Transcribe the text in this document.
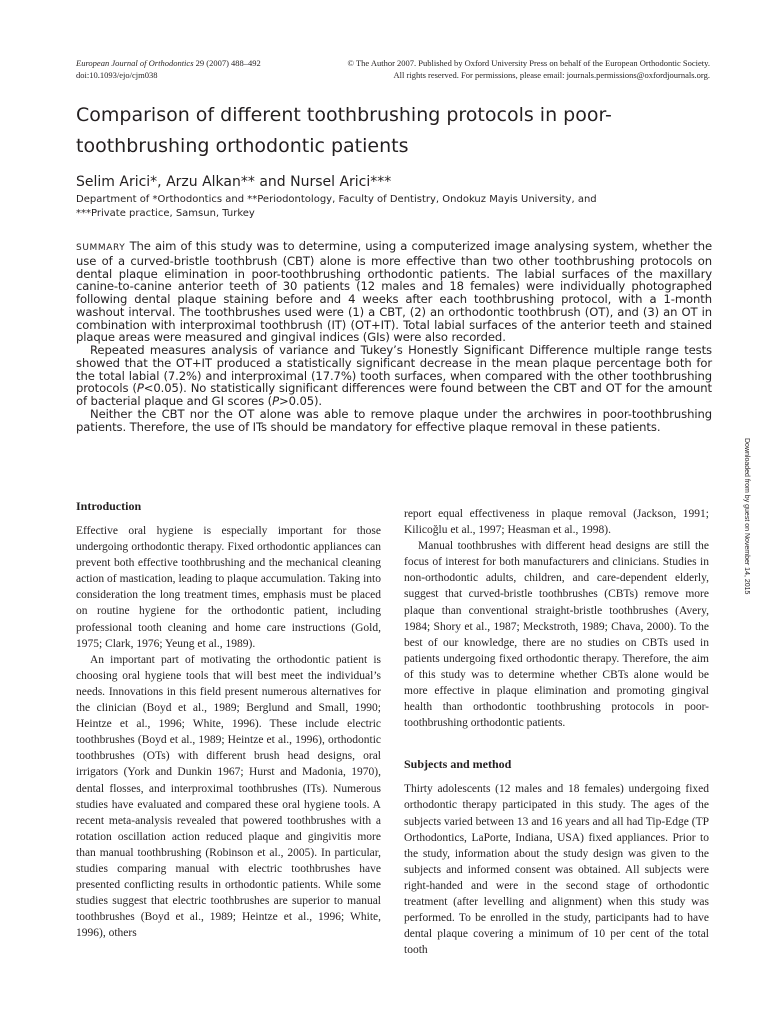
European Journal of Orthodontics 29 (2007) 488–492
doi:10.1093/ejo/cjm038
© The Author 2007. Published by Oxford University Press on behalf of the European Orthodontic Society.
All rights reserved. For permissions, please email: journals.permissions@oxfordjournals.org.
Comparison of different toothbrushing protocols in poor-toothbrushing orthodontic patients
Selim Arici*, Arzu Alkan** and Nursel Arici***
Department of *Orthodontics and **Periodontology, Faculty of Dentistry, Ondokuz Mayis University, and
***Private practice, Samsun, Turkey

SUMMARY The aim of this study was to determine, using a computerized image analysing system, whether the use of a curved-bristle toothbrush (CBT) alone is more effective than two other toothbrushing protocols on dental plaque elimination in poor-toothbrushing orthodontic patients. The labial surfaces of the maxillary canine-to-canine anterior teeth of 30 patients (12 males and 18 females) were individually photographed following dental plaque staining before and 4 weeks after each toothbrushing protocol, with a 1-month washout interval. The toothbrushes used were (1) a CBT, (2) an orthodontic toothbrush (OT), and (3) an OT in combination with interproximal toothbrush (IT) (OT+IT). Total labial surfaces of the anterior teeth and stained plaque areas were measured and gingival indices (GIs) were also recorded.

Repeated measures analysis of variance and Tukey’s Honestly Significant Difference multiple range tests showed that the OT+IT produced a statistically significant decrease in the mean plaque percentage both for the total labial (7.2%) and interproximal (17.7%) tooth surfaces, when compared with the other toothbrushing protocols (P<0.05). No statistically significant differences were found between the CBT and OT for the amount of bacterial plaque and GI scores (P>0.05).

Neither the CBT nor the OT alone was able to remove plaque under the archwires in poor-toothbrushing patients. Therefore, the use of ITs should be mandatory for effective plaque removal in these patients.

Downloaded from by guest on November 14, 2015
Introduction

Effective oral hygiene is especially important for those undergoing orthodontic therapy. Fixed orthodontic appliances can prevent both effective toothbrushing and the mechanical cleaning action of mastication, leading to plaque accumulation. Taking into consideration the long treatment times, emphasis must be placed on routine hygiene for the orthodontic patient, including professional tooth cleaning and home care instructions (Gold, 1975; Clark, 1976; Yeung et al., 1989).

An important part of motivating the orthodontic patient is choosing oral hygiene tools that will best meet the individual’s needs. Innovations in this field present numerous alternatives for the clinician (Boyd et al., 1989; Berglund and Small, 1990; Heintze et al., 1996; White, 1996). These include electric toothbrushes (Boyd et al., 1989; Heintze et al., 1996), orthodontic toothbrushes (OTs) with different brush head designs, oral irrigators (York and Dunkin 1967; Hurst and Madonia, 1970), dental flosses, and interproximal toothbrushes (ITs). Numerous studies have evaluated and compared these oral hygiene tools. A recent meta-analysis revealed that powered toothbrushes with a rotation oscillation action reduced plaque and gingivitis more than manual toothbrushing (Robinson et al., 2005). In particular, studies comparing manual with electric toothbrushes have presented conflicting results in orthodontic patients. While some studies suggest that electric toothbrushes are superior to manual toothbrushes (Boyd et al., 1989; Heintze et al., 1996; White, 1996), others

report equal effectiveness in plaque removal (Jackson, 1991; Kilicoğlu et al., 1997; Heasman et al., 1998).

Manual toothbrushes with different head designs are still the focus of interest for both manufacturers and clinicians. Studies in non-orthodontic adults, children, and care-dependent elderly, suggest that curved-bristle toothbrushes (CBTs) remove more plaque than conventional straight-bristle toothbrushes (Avery, 1984; Shory et al., 1987; Meckstroth, 1989; Chava, 2000). To the best of our knowledge, there are no studies on CBTs used in patients undergoing fixed orthodontic therapy. Therefore, the aim of this study was to determine whether CBTs alone would be more effective in plaque elimination and promoting gingival health than orthodontic toothbrushing protocols in poor-toothbrushing orthodontic patients.

Subjects and method

Thirty adolescents (12 males and 18 females) undergoing fixed orthodontic therapy participated in this study. The ages of the subjects varied between 13 and 16 years and all had Tip-Edge (TP Orthodontics, LaPorte, Indiana, USA) fixed appliances. Prior to the study, information about the study design was given to the subjects and informed consent was obtained. All subjects were right-handed and were in the second stage of orthodontic treatment (after levelling and alignment) when this study was performed. To be enrolled in the study, participants had to have dental plaque covering a minimum of 10 per cent of the total tooth
